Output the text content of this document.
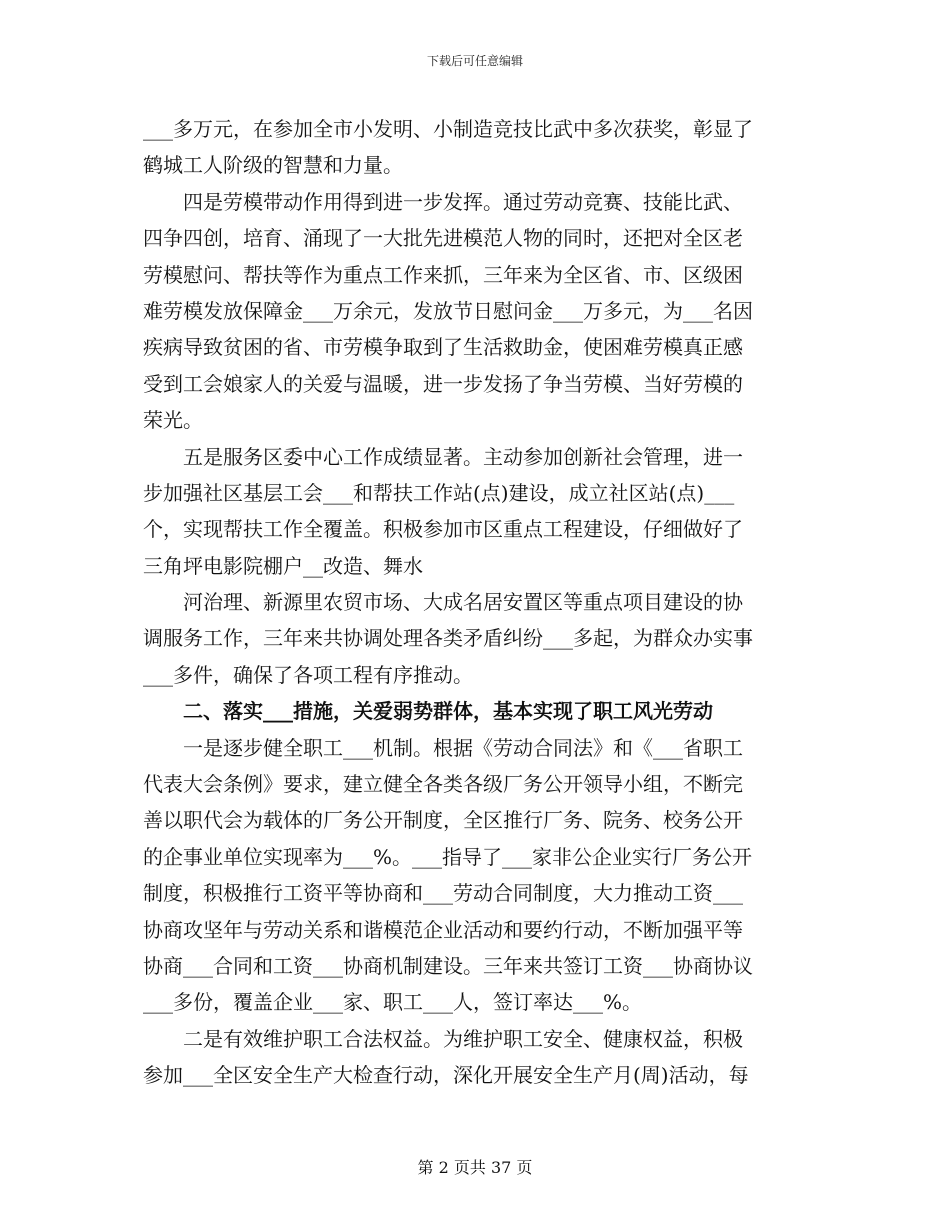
下载后可任意编辑
___多万元，在参加全市小发明、小制造竞技比武中多次获奖，彰显了
鹤城工人阶级的智慧和力量。
　　四是劳模带动作用得到进一步发挥。通过劳动竞赛、技能比武、
四争四创，培育、涌现了一大批先进模范人物的同时，还把对全区老
劳模慰问、帮扶等作为重点工作来抓，三年来为全区省、市、区级困
难劳模发放保障金___万余元，发放节日慰问金___万多元，为___名因
疾病导致贫困的省、市劳模争取到了生活救助金，使困难劳模真正感
受到工会娘家人的关爱与温暖，进一步发扬了争当劳模、当好劳模的
荣光。
　　五是服务区委中心工作成绩显著。主动参加创新社会管理，进一
步加强社区基层工会___和帮扶工作站(点)建设，成立社区站(点)___
个，实现帮扶工作全覆盖。积极参加市区重点工程建设，仔细做好了
三角坪电影院棚户__改造、舞水
　　河治理、新源里农贸市场、大成名居安置区等重点项目建设的协
调服务工作，三年来共协调处理各类矛盾纠纷___多起，为群众办实事
___多件，确保了各项工程有序推动。
　　二、落实___措施，关爱弱势群体，基本实现了职工风光劳动
　　一是逐步健全职工___机制。根据《劳动合同法》和《___省职工
代表大会条例》要求，建立健全各类各级厂务公开领导小组，不断完
善以职代会为载体的厂务公开制度，全区推行厂务、院务、校务公开
的企事业单位实现率为___%。___指导了___家非公企业实行厂务公开
制度，积极推行工资平等协商和___劳动合同制度，大力推动工资___
协商攻坚年与劳动关系和谐模范企业活动和要约行动，不断加强平等
协商___合同和工资___协商机制建设。三年来共签订工资___协商协议
___多份，覆盖企业___家、职工___人，签订率达___%。
　　二是有效维护职工合法权益。为维护职工安全、健康权益，积极
参加___全区安全生产大检查行动，深化开展安全生产月(周)活动，每
第 2 页共 37 页
